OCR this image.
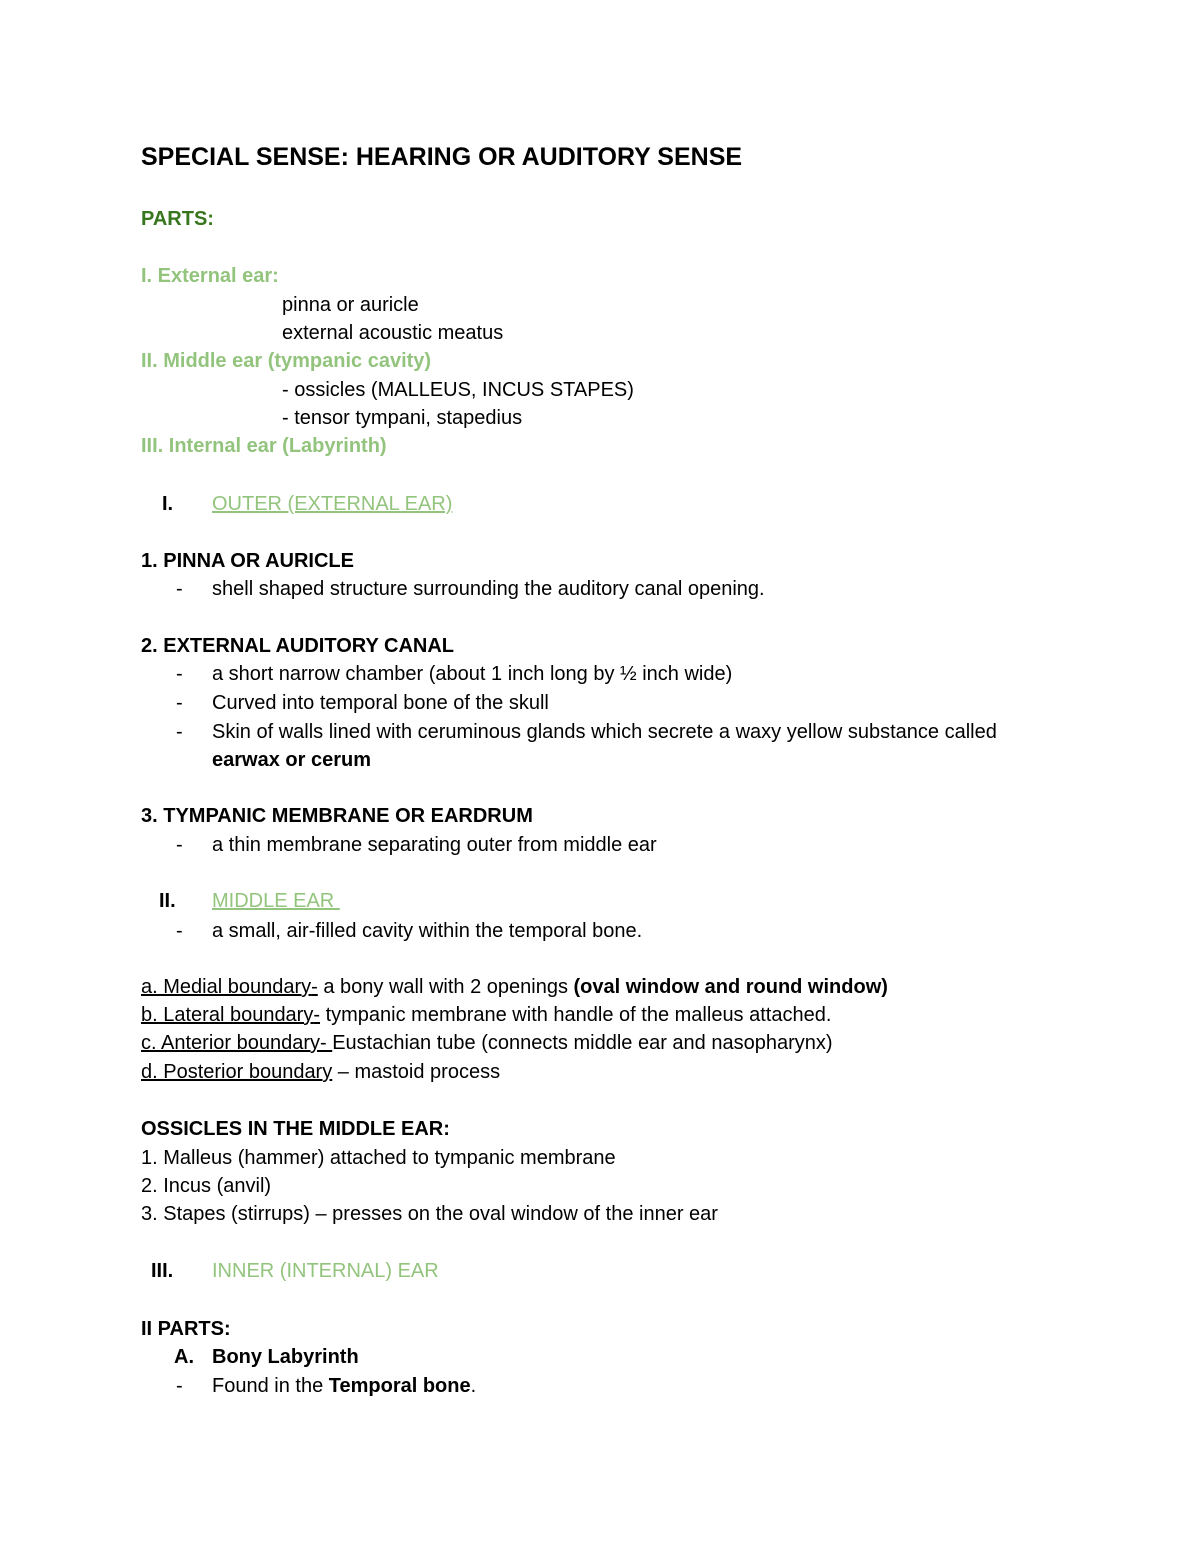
SPECIAL SENSE: HEARING OR AUDITORY SENSE
PARTS:
I. External ear:
pinna or auricle
external acoustic meatus
II. Middle ear (tympanic cavity)
- ossicles (MALLEUS, INCUS STAPES)
- tensor tympani, stapedius
III. Internal ear (Labyrinth)
I. OUTER (EXTERNAL EAR)
1. PINNA OR AURICLE
- shell shaped structure surrounding the auditory canal opening.
2. EXTERNAL AUDITORY CANAL
- a short narrow chamber (about 1 inch long by ½ inch wide)
- Curved into temporal bone of the skull
- Skin of walls lined with ceruminous glands which secrete a waxy yellow substance called
earwax or cerum
3. TYMPANIC MEMBRANE OR EARDRUM
- a thin membrane separating outer from middle ear
II. MIDDLE EAR
- a small, air-filled cavity within the temporal bone.
a. Medial boundary- a bony wall with 2 openings (oval window and round window)
b. Lateral boundary- tympanic membrane with handle of the malleus attached.
c. Anterior boundary- Eustachian tube (connects middle ear and nasopharynx)
d. Posterior boundary – mastoid process
OSSICLES IN THE MIDDLE EAR:
1. Malleus (hammer) attached to tympanic membrane
2. Incus (anvil)
3. Stapes (stirrups) – presses on the oval window of the inner ear
III. INNER (INTERNAL) EAR
II PARTS:
A. Bony Labyrinth
- Found in the Temporal bone.
